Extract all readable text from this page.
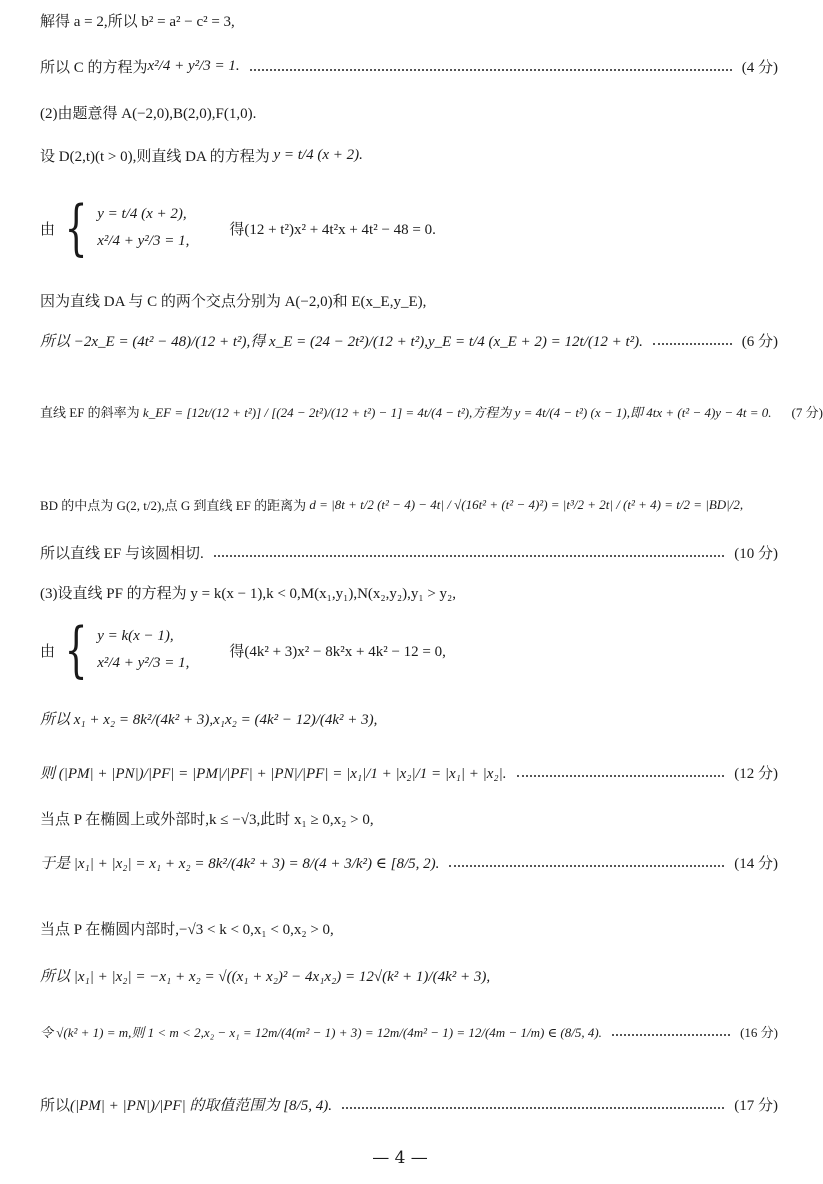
解得 a = 2,所以 b² = a² − c² = 3,
所以 C 的方程为 x²/4 + y²/3 = 1.	(4 分)
(2)由题意得 A(−2,0),B(2,0),F(1,0).
设 D(2,t)(t > 0),则直线 DA 的方程为
y = t/4 (x + 2).
由 { y = t/4 (x + 2),
x²/4 + y²/3 = 1,
得(12 + t²)x² + 4t²x + 4t² − 48 = 0.
因为直线 DA 与 C 的两个交点分别为 A(−2,0)和 E(x_E,y_E),
所以 −2x_E = (4t² − 48)/(12 + t²),得 x_E = (24 − 2t²)/(12 + t²),y_E = t/4 (x_E + 2) = 12t/(12 + t²).	(6 分)
直线 EF 的斜率为
k_EF = [12t/(12 + t²)] / [(24 − 2t²)/(12 + t²) − 1] = 4t/(4 − t²),方程为 y = 4t/(4 − t²) (x − 1),即 4tx + (t² − 4)y − 4t = 0. (7 分)
BD 的中点为 G(2, t/2),点 G 到直线 EF 的距离为
d = |8t + t/2 (t² − 4) − 4t| / √(16t² + (t² − 4)²) = |t³/2 + 2t| / (t² + 4) = t/2 = |BD|/2,
所以直线 EF 与该圆相切.	(10 分)
(3)设直线 PF 的方程为 y = k(x − 1),k < 0,M(x₁,y₁),N(x₂,y₂),y₁ > y₂,
由 { y = k(x − 1),
x²/4 + y²/3 = 1,
得(4k² + 3)x² − 8k²x + 4k² − 12 = 0,
所以 x₁ + x₂ = 8k²/(4k² + 3),x₁x₂ = (4k² − 12)/(4k² + 3),
则 (|PM| + |PN|)/|PF| = |PM|/|PF| + |PN|/|PF| = |x₁|/1 + |x₂|/1 = |x₁| + |x₂|.	(12 分)
当点 P 在椭圆上或外部时,k ≤ −√3,此时 x₁ ≥ 0,x₂ > 0,
于是 |x₁| + |x₂| = x₁ + x₂ = 8k²/(4k² + 3) = 8/(4 + 3/k²) ∈ [8/5, 2).	(14 分)
当点 P 在椭圆内部时,−√3 < k < 0,x₁ < 0,x₂ > 0,
所以 |x₁| + |x₂| = −x₁ + x₂ = √((x₁ + x₂)² − 4x₁x₂) = 12√(k² + 1)/(4k² + 3),
令 √(k² + 1) = m,则 1 < m < 2,x₂ − x₁ = 12m/(4(m² − 1) + 3) = 12m/(4m² − 1) = 12/(4m − 1/m) ∈ (8/5, 4).	(16 分)
所以 (|PM| + |PN|)/|PF| 的取值范围为 [8/5, 4).	(17 分)
— 4 —
